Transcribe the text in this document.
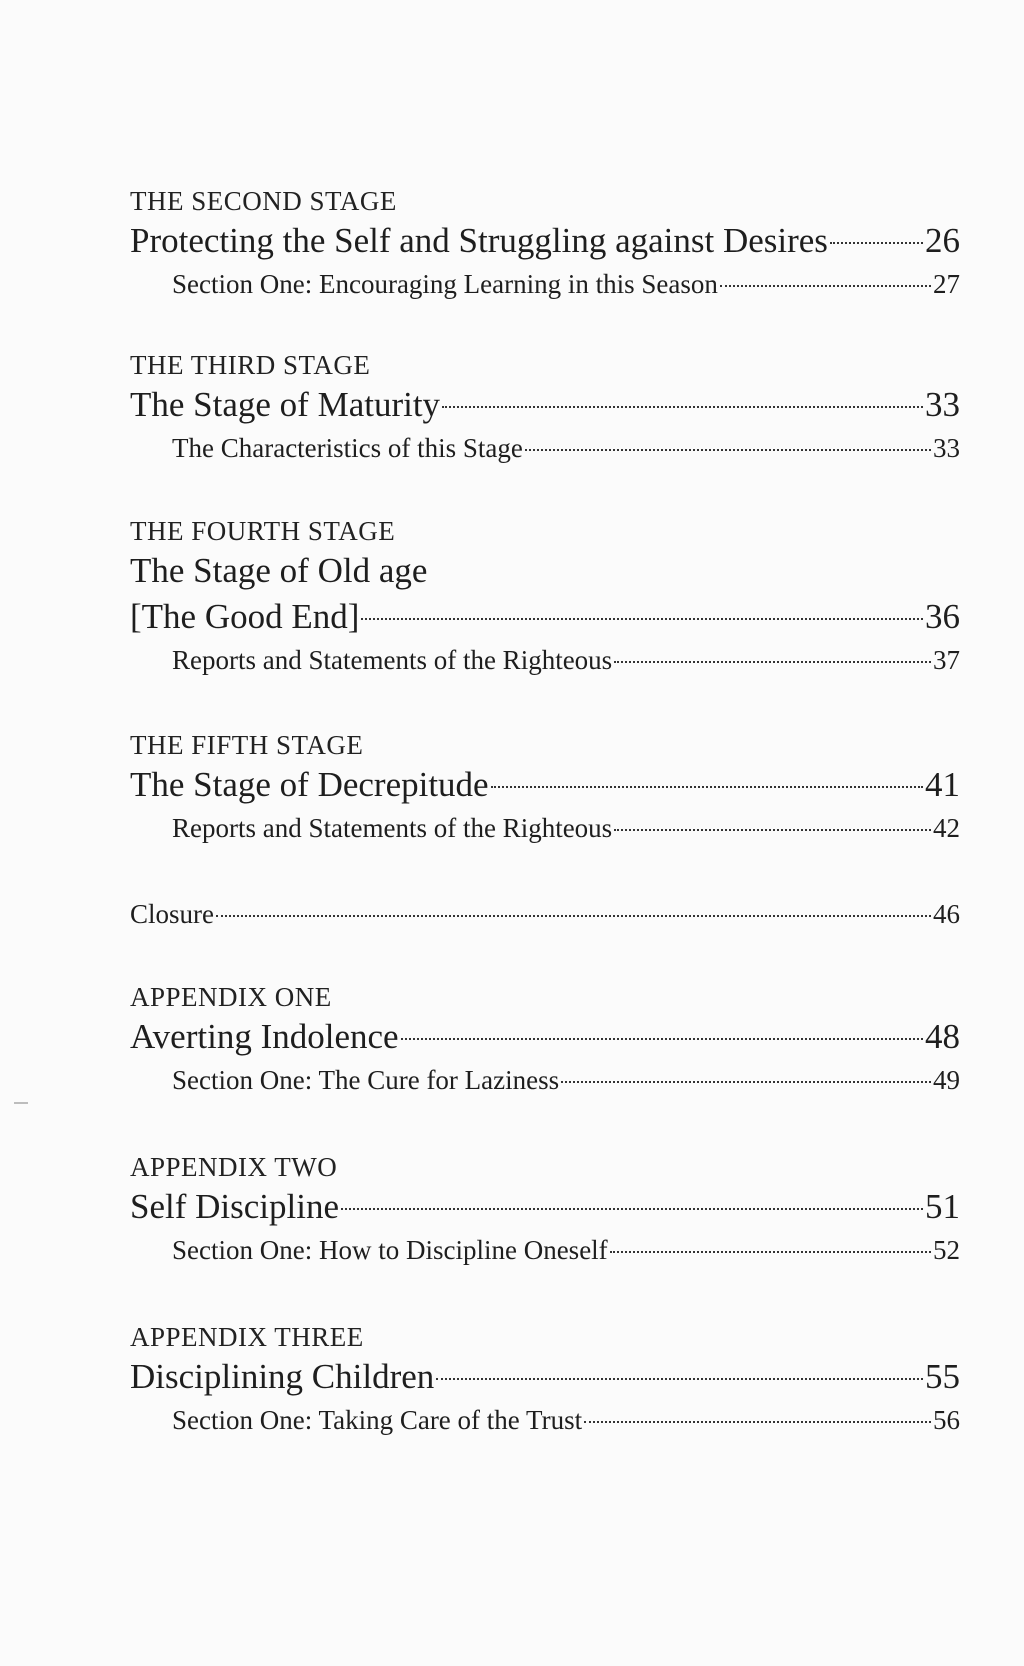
THE SECOND STAGE
Protecting the Self and Struggling against Desires	26
Section One: Encouraging Learning in this Season	27
THE THIRD STAGE
The Stage of Maturity	33
The Characteristics of this Stage	33
THE FOURTH STAGE
The Stage of Old age
[The Good End]	36
Reports and Statements of the Righteous	37
THE FIFTH STAGE
The Stage of Decrepitude	41
Reports and Statements of the Righteous	42
Closure	46
APPENDIX ONE
Averting Indolence	48
Section One: The Cure for Laziness	49
APPENDIX TWO
Self Discipline	51
Section One: How to Discipline Oneself	52
APPENDIX THREE
Disciplining Children	55
Section One: Taking Care of the Trust	56
